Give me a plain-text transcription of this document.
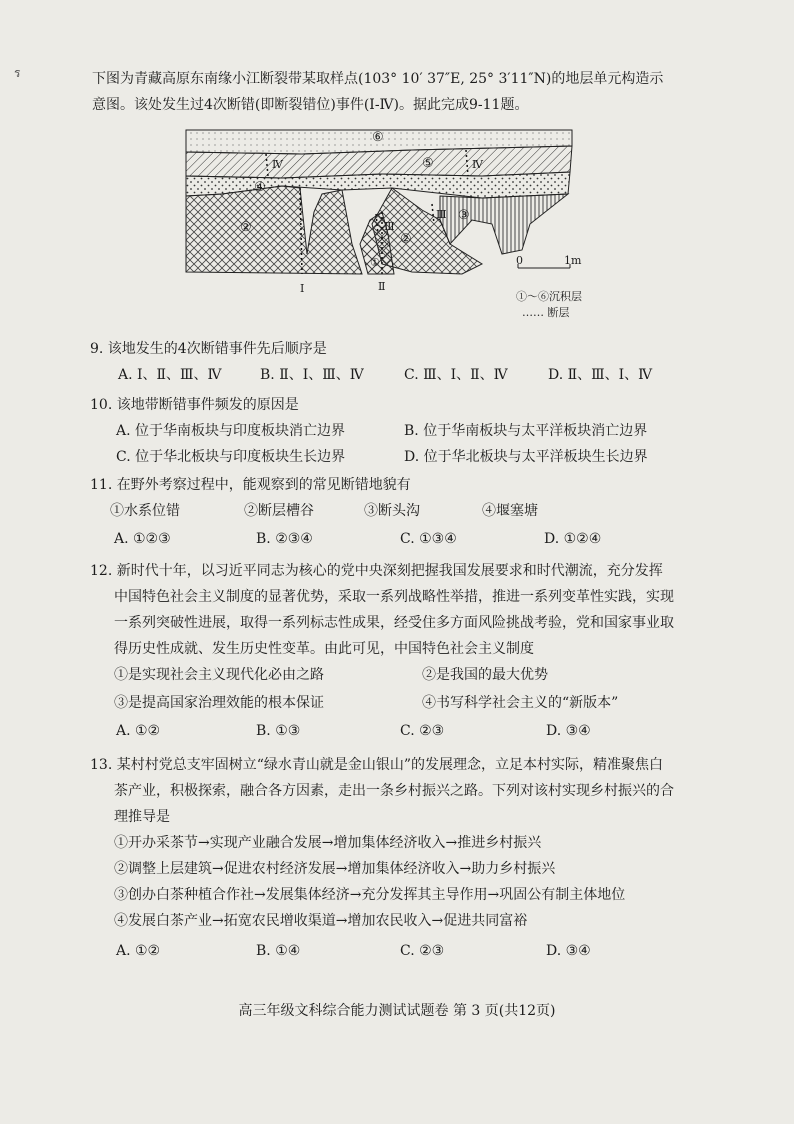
ร	下图为青藏高原东南缘小江断裂带某取样点(103° 10′ 37″E, 25° 3′11″N)的地层单元构造示
意图。该处发生过4次断错(即断裂错位)事件(Ⅰ-Ⅳ)。据此完成9-11题。
⑥
⑤
④
②
②
③
①
Ⅰ	Ⅱ
Ⅲ
Ⅲ
Ⅳ	Ⅳ
0	1m
①～⑥沉积层
…… 断层
9. 该地发生的4次断错事件先后顺序是
A. Ⅰ、Ⅱ、Ⅲ、Ⅳ	B. Ⅱ、Ⅰ、Ⅲ、Ⅳ	C. Ⅲ、Ⅰ、Ⅱ、Ⅳ	D. Ⅱ、Ⅲ、Ⅰ、Ⅳ
10. 该地带断错事件频发的原因是
A. 位于华南板块与印度板块消亡边界	B. 位于华南板块与太平洋板块消亡边界
C. 位于华北板块与印度板块生长边界	D. 位于华北板块与太平洋板块生长边界
11. 在野外考察过程中，能观察到的常见断错地貌有
①水系位错	②断层槽谷	③断头沟	④堰塞塘
A. ①②③	B. ②③④	C. ①③④	D. ①②④
12. 新时代十年，以习近平同志为核心的党中央深刻把握我国发展要求和时代潮流，充分发挥
中国特色社会主义制度的显著优势，采取一系列战略性举措，推进一系列变革性实践，实现
一系列突破性进展，取得一系列标志性成果，经受住多方面风险挑战考验，党和国家事业取
得历史性成就、发生历史性变革。由此可见，中国特色社会主义制度
①是实现社会主义现代化必由之路	②是我国的最大优势
③是提高国家治理效能的根本保证	④书写科学社会主义的“新版本”
A. ①②	B. ①③	C. ②③	D. ③④
13. 某村村党总支牢固树立“绿水青山就是金山银山”的发展理念，立足本村实际，精准聚焦白
茶产业，积极探索，融合各方因素，走出一条乡村振兴之路。下列对该村实现乡村振兴的合
理推导是
①开办采茶节→实现产业融合发展→增加集体经济收入→推进乡村振兴
②调整上层建筑→促进农村经济发展→增加集体经济收入→助力乡村振兴
③创办白茶种植合作社→发展集体经济→充分发挥其主导作用→巩固公有制主体地位
④发展白茶产业→拓宽农民增收渠道→增加农民收入→促进共同富裕
A. ①②	B. ①④	C. ②③	D. ③④
高三年级文科综合能力测试试题卷 第 3 页(共12页)
